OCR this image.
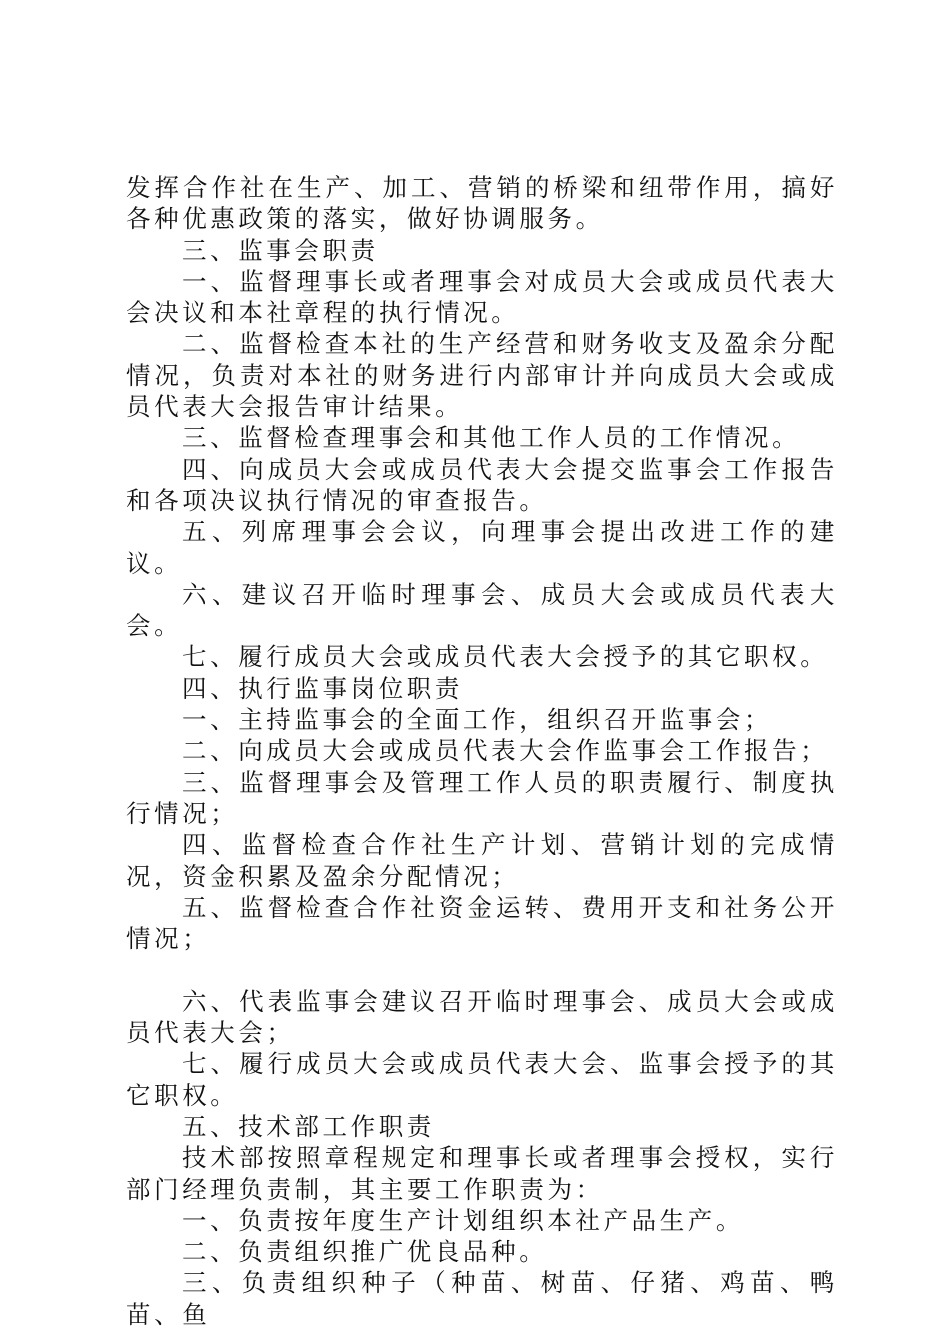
发挥合作社在生产、加工、营销的桥梁和纽带作用，搞好各种优惠政策的落实，做好协调服务。

三、监事会职责

一、监督理事长或者理事会对成员大会或成员代表大会决议和本社章程的执行情况。

二、监督检查本社的生产经营和财务收支及盈余分配情况，负责对本社的财务进行内部审计并向成员大会或成员代表大会报告审计结果。

三、监督检查理事会和其他工作人员的工作情况。

四、向成员大会或成员代表大会提交监事会工作报告和各项决议执行情况的审查报告。

五、列席理事会会议，向理事会提出改进工作的建议。

六、建议召开临时理事会、成员大会或成员代表大会。

七、履行成员大会或成员代表大会授予的其它职权。

四、执行监事岗位职责

一、主持监事会的全面工作，组织召开监事会；

二、向成员大会或成员代表大会作监事会工作报告；

三、监督理事会及管理工作人员的职责履行、制度执行情况；

四、监督检查合作社生产计划、营销计划的完成情况，资金积累及盈余分配情况；

五、监督检查合作社资金运转、费用开支和社务公开情况；

六、代表监事会建议召开临时理事会、成员大会或成员代表大会；

七、履行成员大会或成员代表大会、监事会授予的其它职权。

五、技术部工作职责

技术部按照章程规定和理事长或者理事会授权，实行部门经理负责制，其主要工作职责为：

一、负责按年度生产计划组织本社产品生产。

二、负责组织推广优良品种。

三、负责组织种子（种苗、树苗、仔猪、鸡苗、鸭苗、鱼
